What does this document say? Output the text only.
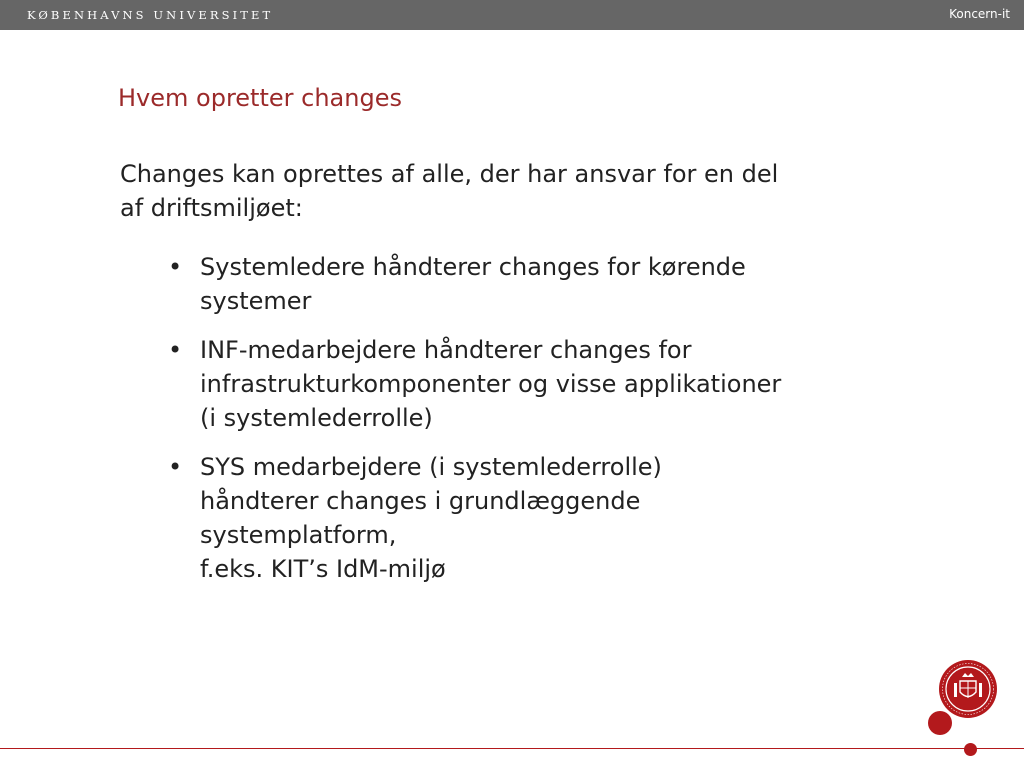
KØBENHAVNS UNIVERSITET	Koncern-it
Hvem opretter changes
Changes kan oprettes af alle, der har ansvar for en del
af driftsmiljøet:
• Systemledere håndterer changes for kørende
systemer
• INF-medarbejdere håndterer changes for
infrastrukturkomponenter og visse applikationer
(i systemlederrolle)
• SYS medarbejdere (i systemlederrolle)
håndterer changes i grundlæggende
systemplatform,
f.eks. KIT’s IdM-miljø
